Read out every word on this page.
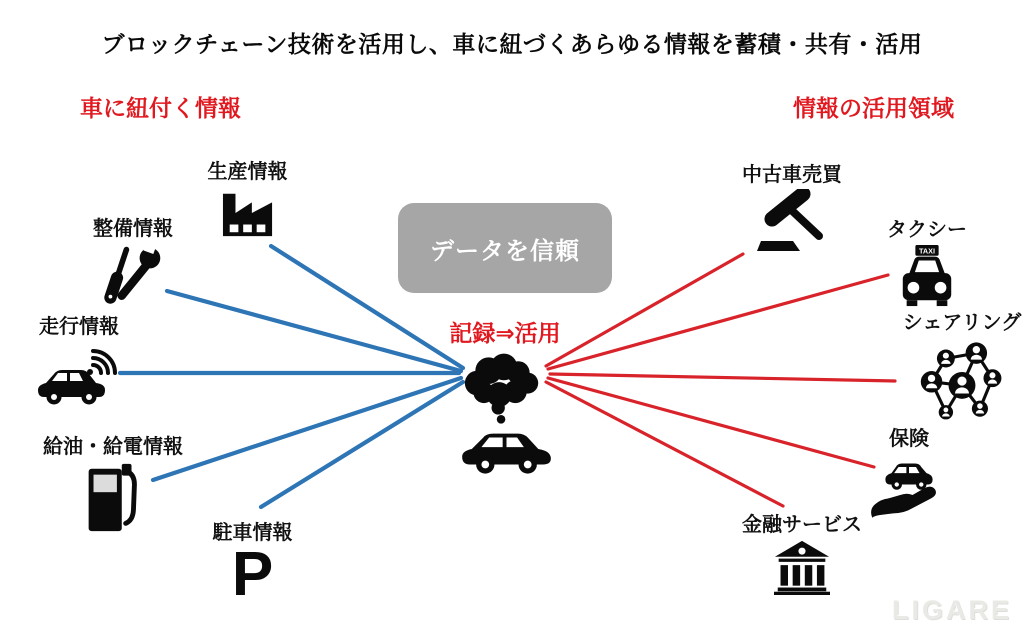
ブロックチェーン技術を活用し、車に紐づくあらゆる情報を蓄積・共有・活用
車に紐付く情報	情報の活用領域
生産情報
整備情報
走行情報
給油・給電情報
駐車情報
P
データを信頼
記録⇒活用
中古車売買
タクシー
TAXI
シェアリング
保険
金融サービス
LIGARE
